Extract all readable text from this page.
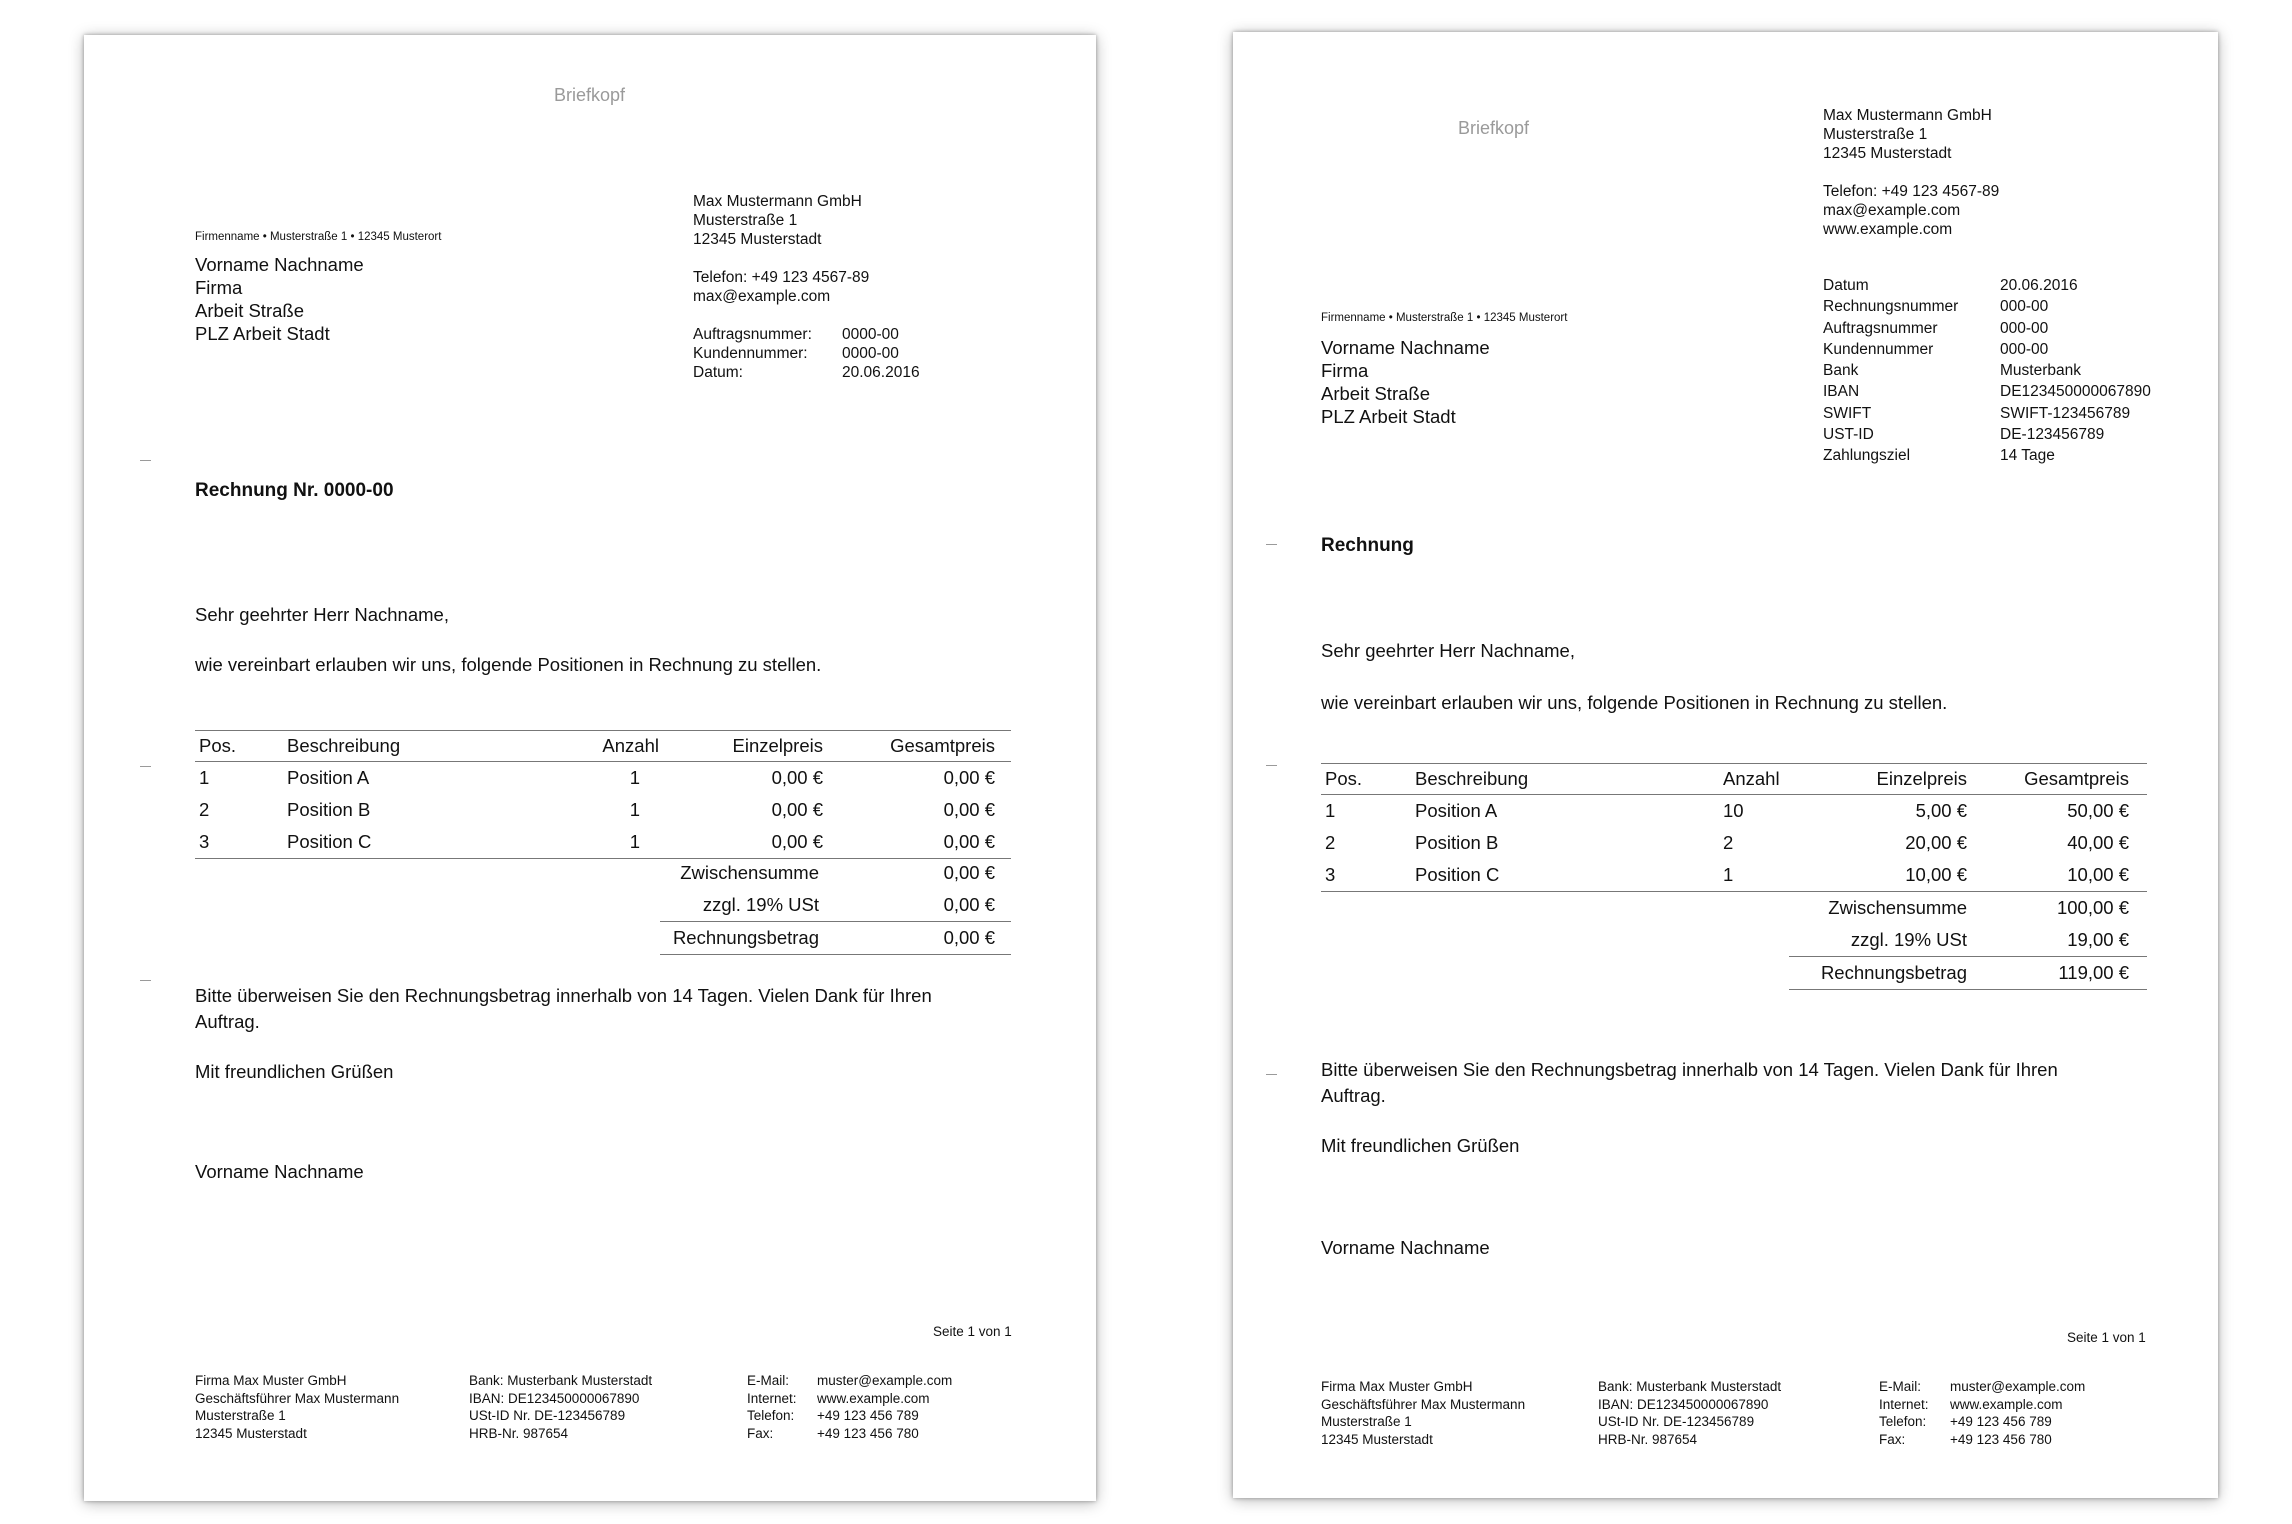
Briefkopf
Firmenname • Musterstraße 1 • 12345 Musterort
Vorname Nachname
Firma
Arbeit Straße
PLZ Arbeit Stadt
Max Mustermann GmbH
Musterstraße 1
12345 Musterstadt
Telefon: +49 123 4567-89
max@example.com
Auftragsnummer:	0000-00
Kundennummer:	0000-00
Datum:	20.06.2016
Rechnung Nr. 0000-00
Sehr geehrter Herr Nachname,
wie vereinbart erlauben wir uns, folgende Positionen in Rechnung zu stellen.
Pos.	Beschreibung	Anzahl	Einzelpreis	Gesamtpreis
1	Position A	1	0,00 €	0,00 €
2	Position B	1	0,00 €	0,00 €
3	Position C	1	0,00 €	0,00 €
Zwischensumme	0,00 €
zzgl. 19% USt	0,00 €
Rechnungsbetrag	0,00 €
Bitte überweisen Sie den Rechnungsbetrag innerhalb von 14 Tagen. Vielen Dank für Ihren Auftrag.
Mit freundlichen Grüßen
Vorname Nachname
Seite 1 von 1
Firma Max Muster GmbH
Geschäftsführer Max Mustermann
Musterstraße 1
12345 Musterstadt
Bank: Musterbank Musterstadt
IBAN: DE123450000067890
USt-ID Nr. DE-123456789
HRB-Nr. 987654
E-Mail:	muster@example.com
Internet:	www.example.com
Telefon:	+49 123 456 789
Fax:	+49 123 456 780
Briefkopf
Max Mustermann GmbH
Musterstraße 1
12345 Musterstadt
Telefon: +49 123 4567-89
max@example.com
www.example.com
Datum	20.06.2016
Rechnungsnummer	000-00
Auftragsnummer	000-00
Kundennummer	000-00
Bank	Musterbank
IBAN	DE123450000067890
SWIFT	SWIFT-123456789
UST-ID	DE-123456789
Zahlungsziel	14 Tage
Firmenname • Musterstraße 1 • 12345 Musterort
Vorname Nachname
Firma
Arbeit Straße
PLZ Arbeit Stadt
Rechnung
Sehr geehrter Herr Nachname,
wie vereinbart erlauben wir uns, folgende Positionen in Rechnung zu stellen.
Pos.	Beschreibung	Anzahl	Einzelpreis	Gesamtpreis
1	Position A	10	5,00 €	50,00 €
2	Position B	2	20,00 €	40,00 €
3	Position C	1	10,00 €	10,00 €
Zwischensumme	100,00 €
zzgl. 19% USt	19,00 €
Rechnungsbetrag	119,00 €
Bitte überweisen Sie den Rechnungsbetrag innerhalb von 14 Tagen. Vielen Dank für Ihren Auftrag.
Mit freundlichen Grüßen
Vorname Nachname
Seite 1 von 1
Firma Max Muster GmbH
Geschäftsführer Max Mustermann
Musterstraße 1
12345 Musterstadt
Bank: Musterbank Musterstadt
IBAN: DE123450000067890
USt-ID Nr. DE-123456789
HRB-Nr. 987654
E-Mail:	muster@example.com
Internet:	www.example.com
Telefon:	+49 123 456 789
Fax:	+49 123 456 780
